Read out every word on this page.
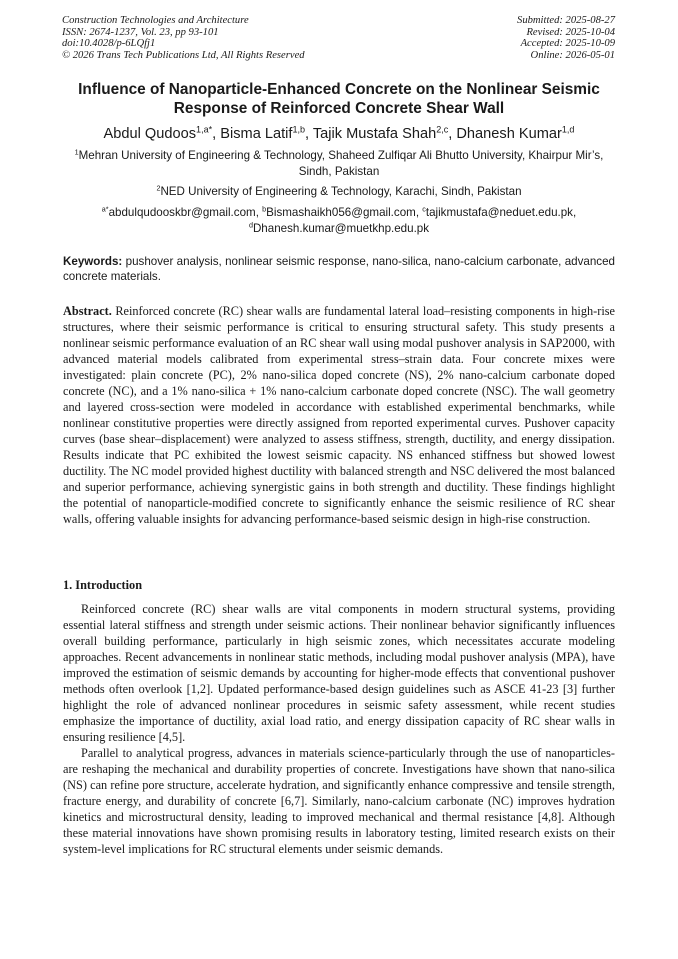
Construction Technologies and Architecture
ISSN: 2674-1237, Vol. 23, pp 93-101
doi:10.4028/p-6LQfj1
© 2026 Trans Tech Publications Ltd, All Rights Reserved
Submitted: 2025-08-27
Revised: 2025-10-04
Accepted: 2025-10-09
Online: 2026-05-01
Influence of Nanoparticle-Enhanced Concrete on the Nonlinear Seismic Response of Reinforced Concrete Shear Wall
Abdul Qudoos$^{1,a*}$, Bisma Latif$^{1,b}$, Tajik Mustafa Shah$^{2,c}$, Dhanesh Kumar$^{1,d}$
$^1$Mehran University of Engineering & Technology, Shaheed Zulfiqar Ali Bhutto University, Khairpur Mir’s, Sindh, Pakistan
$^2$NED University of Engineering & Technology, Karachi, Sindh, Pakistan
$^{a*}$abdulqudooskbr@gmail.com, $^b$Bismashaikh056@gmail.com, $^c$tajikmustafa@neduet.edu.pk,
$^d$Dhanesh.kumar@muetkhp.edu.pk
Keywords: pushover analysis, nonlinear seismic response, nano-silica, nano-calcium carbonate, advanced concrete materials.
Abstract. Reinforced concrete (RC) shear walls are fundamental lateral load–resisting components in high-rise structures, where their seismic performance is critical to ensuring structural safety. This study presents a nonlinear seismic performance evaluation of an RC shear wall using modal pushover analysis in SAP2000, with advanced material models calibrated from experimental stress–strain data. Four concrete mixes were investigated: plain concrete (PC), 2% nano-silica doped concrete (NS), 2% nano-calcium carbonate doped concrete (NC), and a 1% nano-silica + 1% nano-calcium carbonate doped concrete (NSC). The wall geometry and layered cross-section were modeled in accordance with established experimental benchmarks, while nonlinear constitutive properties were directly assigned from reported experimental curves. Pushover capacity curves (base shear–displacement) were analyzed to assess stiffness, strength, ductility, and energy dissipation. Results indicate that PC exhibited the lowest seismic capacity. NS enhanced stiffness but showed lowest ductility. The NC model provided highest ductility with balanced strength and NSC delivered the most balanced and superior performance, achieving synergistic gains in both strength and ductility. These findings highlight the potential of nanoparticle-modified concrete to significantly enhance the seismic resilience of RC shear walls, offering valuable insights for advancing performance-based seismic design in high-rise construction.
1. Introduction

Reinforced concrete (RC) shear walls are vital components in modern structural systems, providing essential lateral stiffness and strength under seismic actions. Their nonlinear behavior significantly influences overall building performance, particularly in high seismic zones, which necessitates accurate modeling approaches. Recent advancements in nonlinear static methods, including modal pushover analysis (MPA), have improved the estimation of seismic demands by accounting for higher-mode effects that conventional pushover methods often overlook [1,2]. Updated performance-based design guidelines such as ASCE 41-23 [3] further highlight the role of advanced nonlinear procedures in seismic safety assessment, while recent studies emphasize the importance of ductility, axial load ratio, and energy dissipation capacity of RC shear walls in ensuring resilience [4,5].

Parallel to analytical progress, advances in materials science-particularly through the use of nanoparticles-are reshaping the mechanical and durability properties of concrete. Investigations have shown that nano-silica (NS) can refine pore structure, accelerate hydration, and significantly enhance compressive and tensile strength, fracture energy, and durability of concrete [6,7]. Similarly, nano-calcium carbonate (NC) improves hydration kinetics and microstructural density, leading to improved mechanical and thermal resistance [4,8]. Although these material innovations have shown promising results in laboratory testing, limited research exists on their system-level implications for RC structural elements under seismic demands.
